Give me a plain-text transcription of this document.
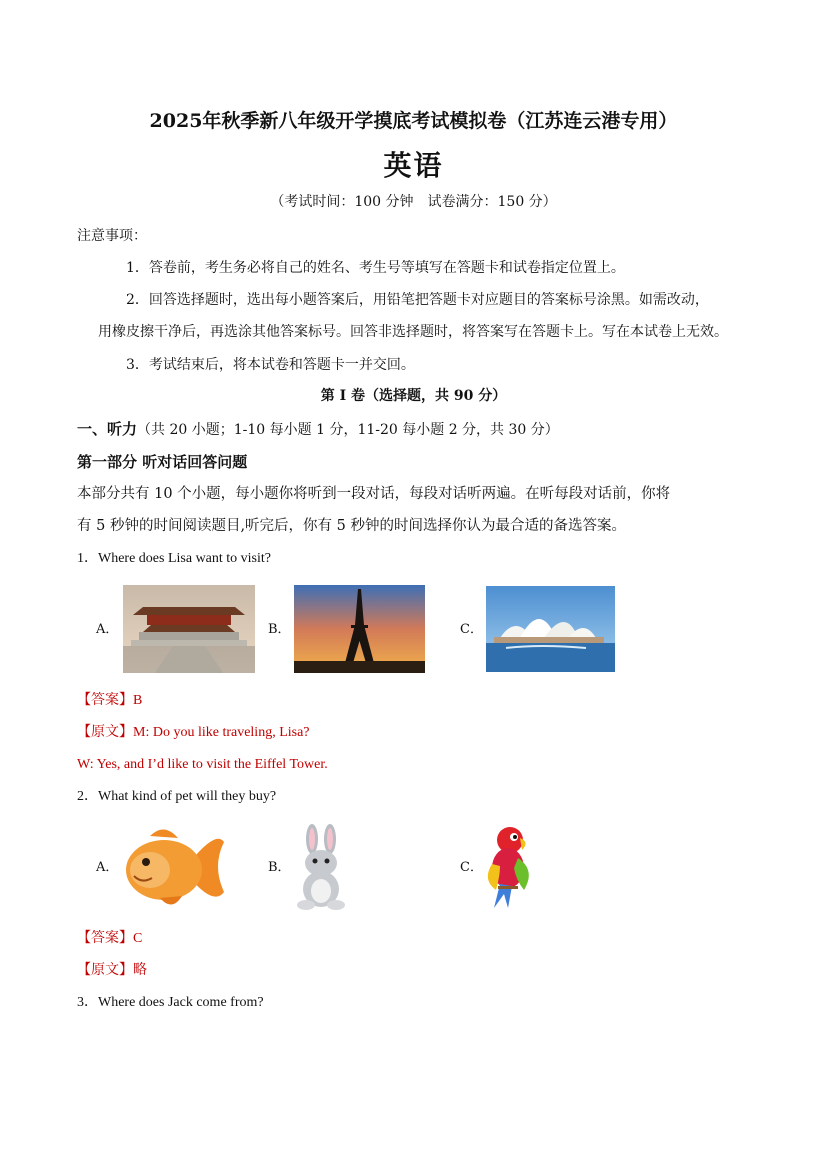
2025年秋季新八年级开学摸底考试模拟卷（江苏连云港专用）
英语
（考试时间：100 分钟　试卷满分：150 分）
注意事项：
1．答卷前，考生务必将自己的姓名、考生号等填写在答题卡和试卷指定位置上。
2．回答选择题时，选出每小题答案后，用铅笔把答题卡对应题目的答案标号涂黑。如需改动，
用橡皮擦干净后，再选涂其他答案标号。回答非选择题时，将答案写在答题卡上。写在本试卷上无效。
3．考试结束后，将本试卷和答题卡一并交回。
第 I 卷（选择题，共 90 分）
一、听力（共 20 小题；1-10 每小题 1 分，11-20 每小题 2 分，共 30 分）
第一部分 听对话回答问题
本部分共有 10 个小题，每小题你将听到一段对话，每段对话听两遍。在听每段对话前，你将
有 5 秒钟的时间阅读题目,听完后，你有 5 秒钟的时间选择你认为最合适的备选答案。
1．Where does Lisa want to visit?
A．	B．	C．
【答案】B
【原文】M: Do you like traveling, Lisa?
W: Yes, and I’d like to visit the Eiffel Tower.
2．What kind of pet will they buy?
A．	B．	C．
【答案】C
【原文】略
3．Where does Jack come from?
